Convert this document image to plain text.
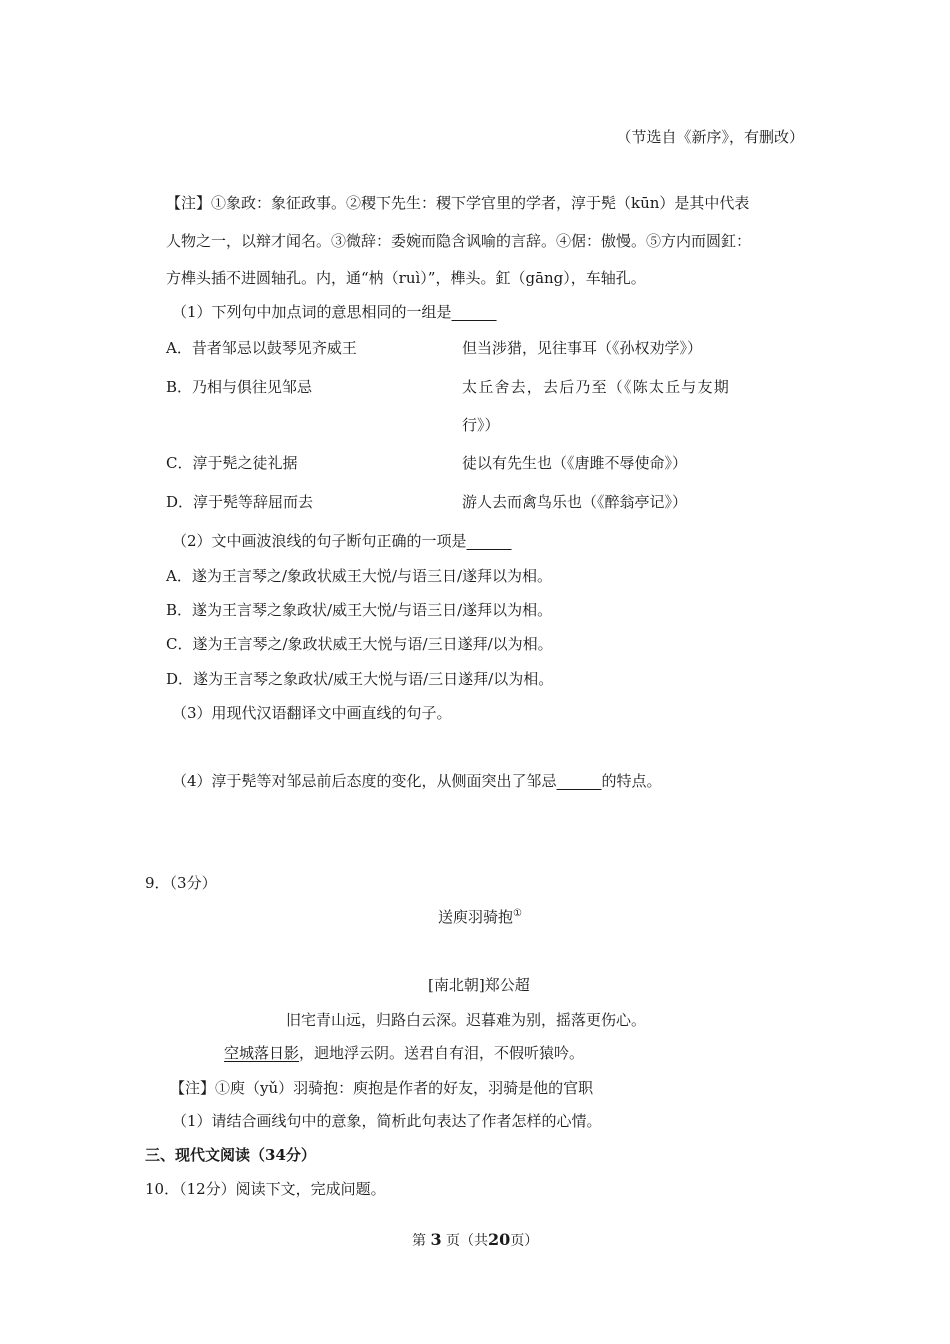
（节选自《新序》，有删改）
【注】①象政：象征政事。②稷下先生：稷下学官里的学者，淳于髡（kūn）是其中代表
人物之一，以辩才闻名。③微辞：委婉而隐含讽喻的言辞。④倨：傲慢。⑤方内而圆釭：
方榫头插不进圆轴孔。内，通“枘（ruì）”，榫头。釭（gāng），车轴孔。
（1）下列句中加点词的意思相同的一组是______
A．昔者邹忌以鼓琴见齐威王	但当涉猎，见往事耳（《孙权劝学》）
B．乃相与俱往见邹忌	太丘舍去，去后乃至（《陈太丘与友期
行》）
C．淳于髡之徒礼据	徒以有先生也（《唐雎不辱使命》）
D．淳于髡等辞屈而去	游人去而禽鸟乐也（《醉翁亭记》）
（2）文中画波浪线的句子断句正确的一项是______
A．遂为王言琴之/象政状威王大悦/与语三日/遂拜以为相。
B．遂为王言琴之象政状/威王大悦/与语三日/遂拜以为相。
C．遂为王言琴之/象政状威王大悦与语/三日遂拜/以为相。
D．遂为王言琴之象政状/威王大悦与语/三日遂拜/以为相。
（3）用现代汉语翻译文中画直线的句子。
（4）淳于髡等对邹忌前后态度的变化，从侧面突出了邹忌______的特点。
9．（3分）
送庾羽骑抱①
[南北朝]郑公超
旧宅青山远，归路白云深。迟暮难为别，摇落更伤心。
空城落日影，迥地浮云阴。送君自有泪，不假听猿吟。
【注】①庾（yǔ）羽骑抱：庾抱是作者的好友，羽骑是他的官职
（1）请结合画线句中的意象，简析此句表达了作者怎样的心情。
三、现代文阅读（34分）
10．（12分）阅读下文，完成问题。
第 3 页（共20页）
